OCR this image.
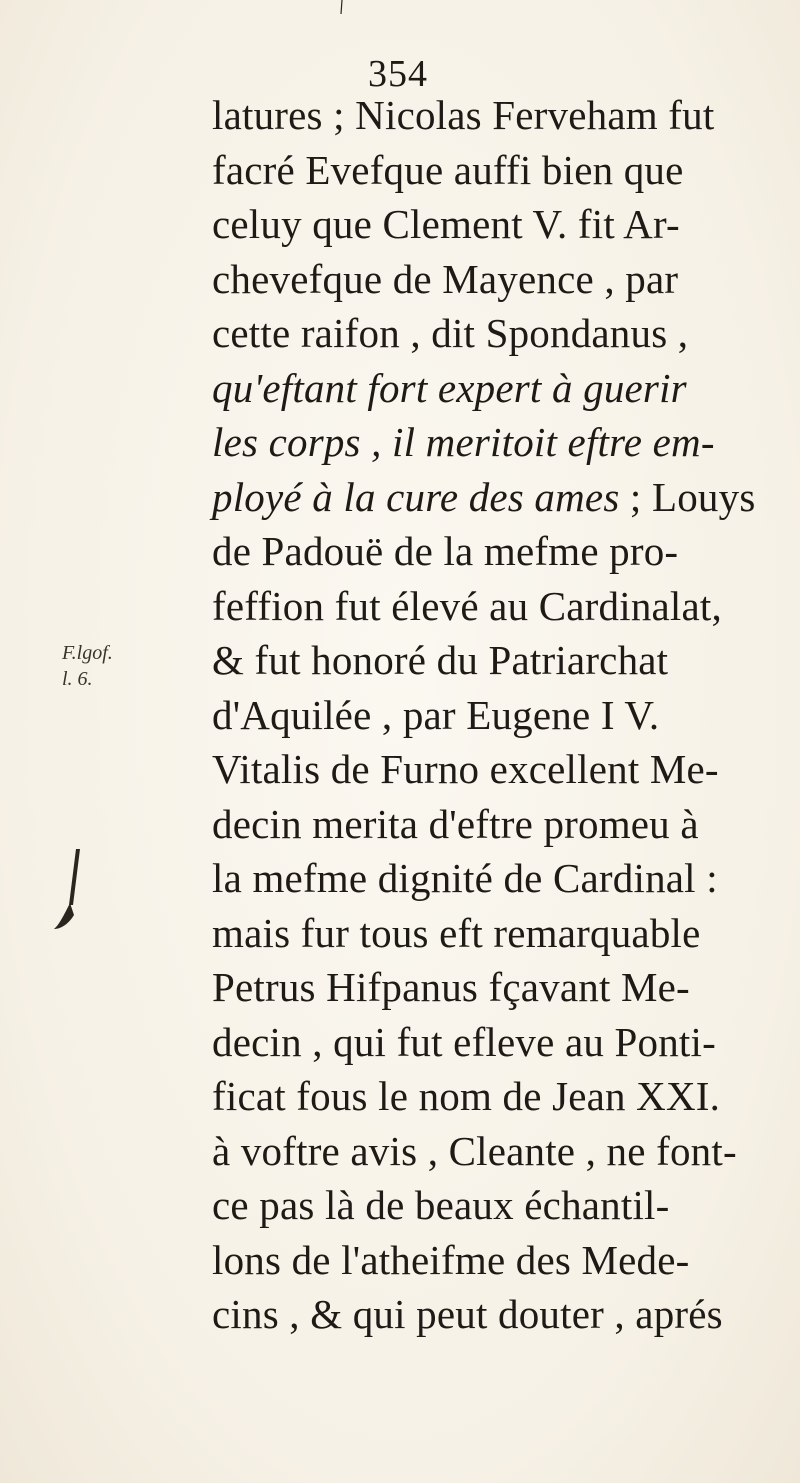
354
F.lgof.
l. 6.
latures ; Nicolas Ferveham fut
facré Evefque auffi bien que
celuy que Clement V. fit Ar-
chevefque de Mayence , par
cette raifon , dit Spondanus ,
qu'eftant fort expert à guerir
les corps , il meritoit eftre em-
ployé à la cure des ames ; Louys
de Padouë de la mefme pro-
feffion fut élevé au Cardinalat,
& fut honoré du Patriarchat
d'Aquilée , par Eugene I V.
Vitalis de Furno excellent Me-
decin merita d'eftre promeu à
la mefme dignité de Cardinal :
mais fur tous eft remarquable
Petrus Hifpanus fçavant Me-
decin , qui fut efleve au Ponti-
ficat fous le nom de Jean XXI.
à voftre avis , Cleante , ne font-
ce pas là de beaux échantil-
lons de l'atheifme des Mede-
cins , & qui peut douter , aprés
